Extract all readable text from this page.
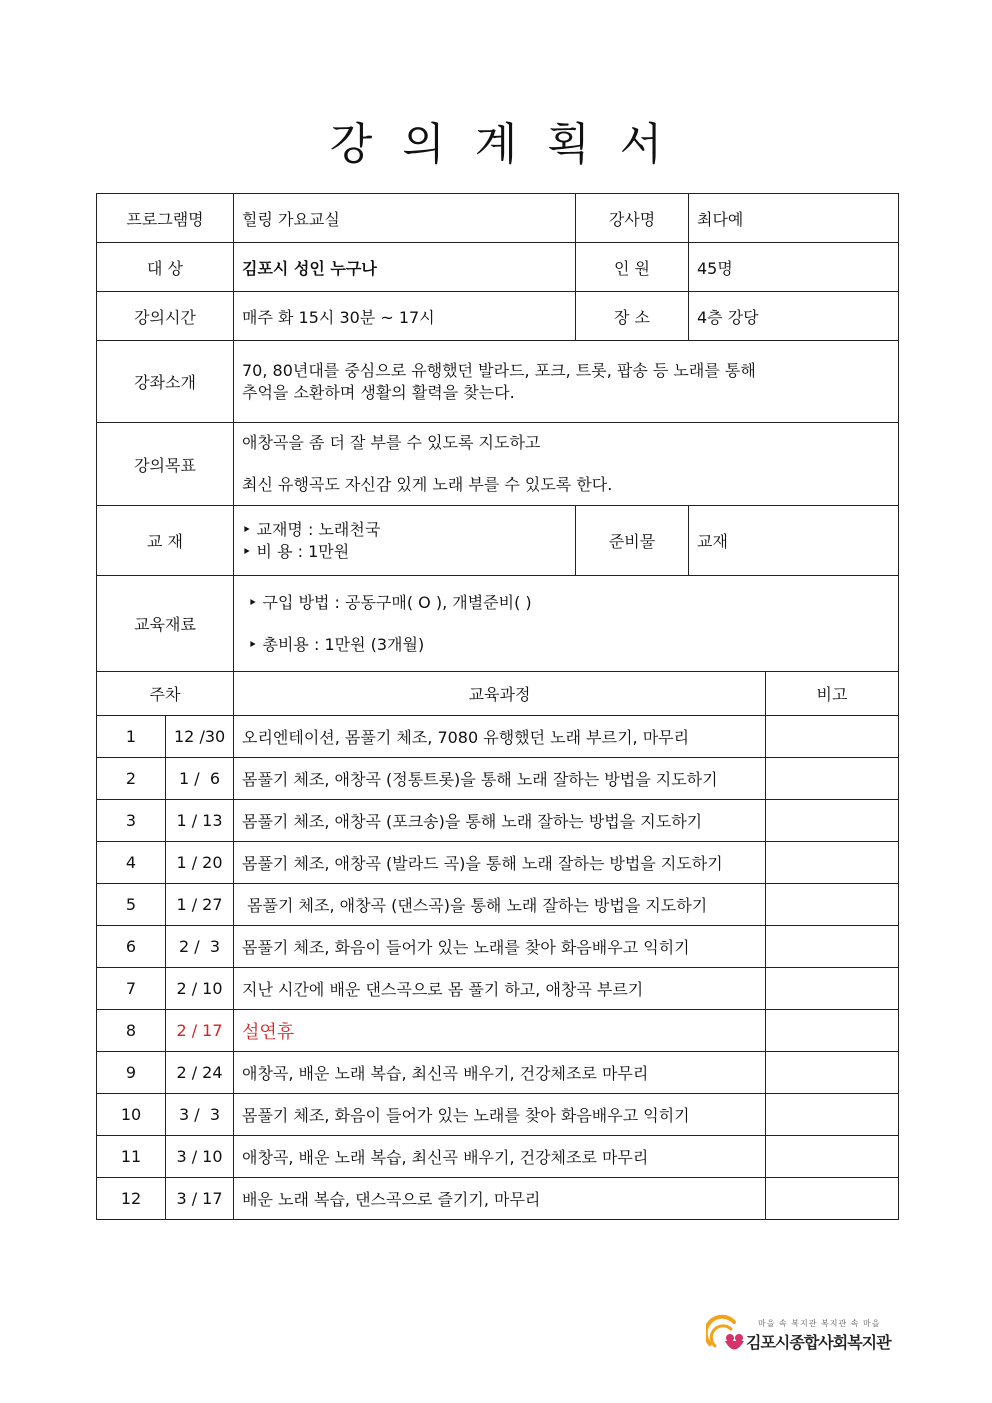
강의계획서
프로그램명		힐링 가요교실	강사명	최다예	
대 상		김포시 성인 누구나	인 원	45명	
강의시간		매주 화 15시 30분 ~ 17시	장 소	4층 강당	
강좌소개		70, 80년대를 중심으로 유행했던 발라드, 포크, 트롯, 팝송 등 노래를 통해
추억을 소환하며 생활의 활력을 찾는다.			

강의목표		애창곡을 좀 더 잘 부를 수 있도록 지도하고
최신 유행곡도 자신감 있게 노래 부를 수 있도록 한다.			

교 재		‣ 교재명 : 노래천국
‣ 비 용 : 1만원	준비물	교재	
교육재료		‣ 구입 방법 : 공동구매( O ), 개별준비( )
‣ 총비용 : 1만원 (3개월)			

주차		교육과정			비고
1	12 /30	오리엔테이션, 몸풀기 체조, 7080 유행했던 노래 부르기, 마무리			
2	1 /  6	몸풀기 체조, 애창곡 (정통트롯)을 통해 노래 잘하는 방법을 지도하기			
3	1 / 13	몸풀기 체조, 애창곡 (포크송)을 통해 노래 잘하는 방법을 지도하기			
4	1 / 20	몸풀기 체조, 애창곡 (발라드 곡)을 통해 노래 잘하는 방법을 지도하기			
5	1 / 27	몸풀기 체조, 애창곡 (댄스곡)을 통해 노래 잘하는 방법을 지도하기			
6	2 /  3	몸풀기 체조, 화음이 들어가 있는 노래를 찾아 화음배우고 익히기			
7	2 / 10	지난 시간에 배운 댄스곡으로 몸 풀기 하고, 애창곡 부르기			
8	2 / 17	설연휴			
9	2 / 24	애창곡, 배운 노래 복습, 최신곡 배우기, 건강체조로 마무리			
10	3 /  3	몸풀기 체조, 화음이 들어가 있는 노래를 찾아 화음배우고 익히기			
11	3 / 10	애창곡, 배운 노래 복습, 최신곡 배우기, 건강체조로 마무리			
12	3 / 17	배운 노래 복습, 댄스곡으로 즐기기, 마무리			
마을 속 복지관 복지관 속 마을
김포시종합사회복지관
